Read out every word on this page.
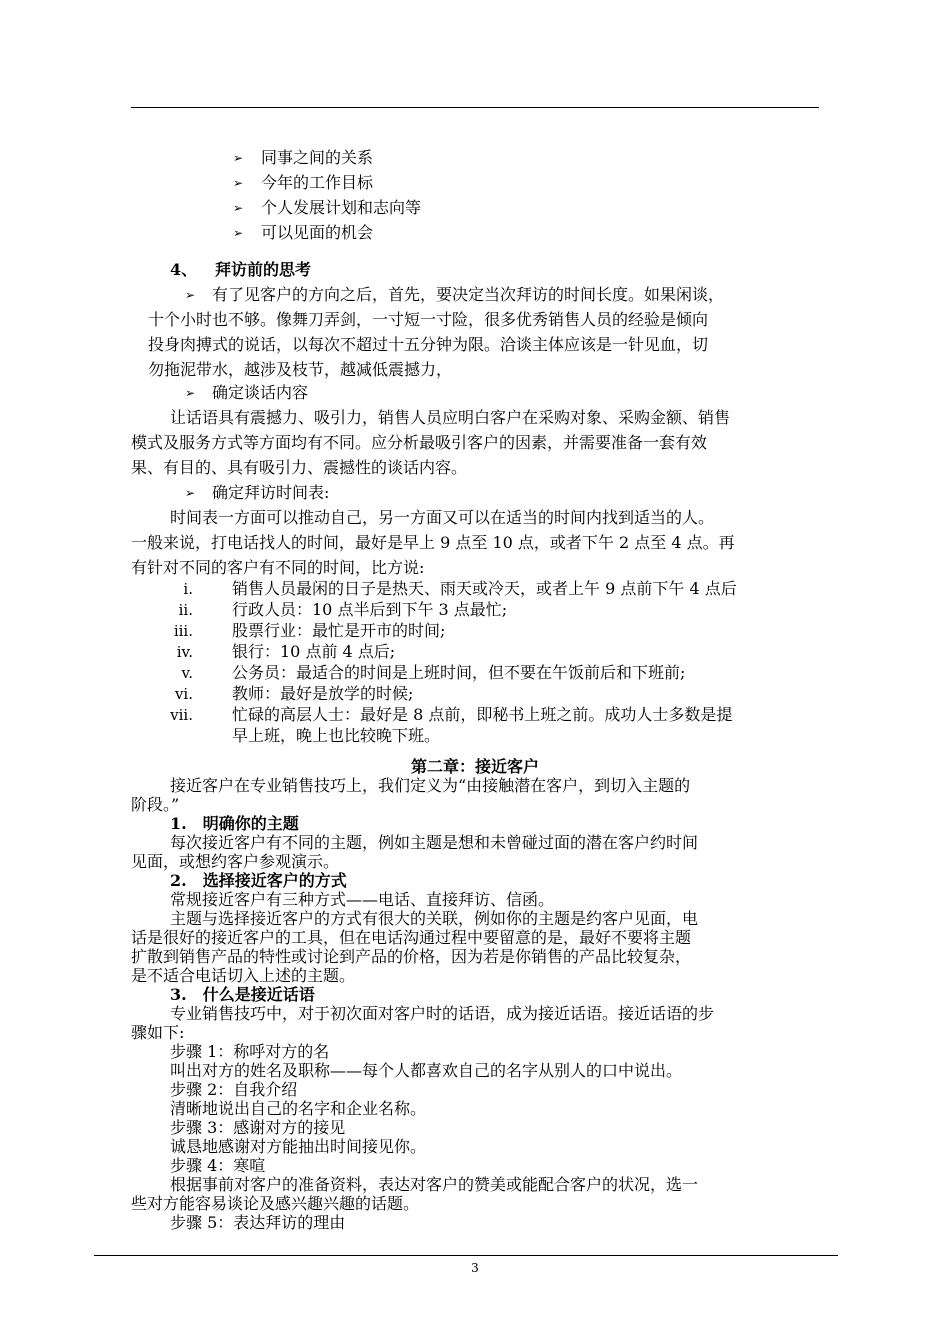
➢ 同事之间的关系
➢ 今年的工作目标
➢ 个人发展计划和志向等
➢ 可以见面的机会
4、 拜访前的思考
➢ 有了见客户的方向之后，首先，要决定当次拜访的时间长度。如果闲谈，
十个小时也不够。像舞刀弄剑，一寸短一寸险，很多优秀销售人员的经验是倾向
投身肉搏式的说话，以每次不超过十五分钟为限。洽谈主体应该是一针见血，切
勿拖泥带水，越涉及枝节，越减低震撼力，
➢ 确定谈话内容
让话语具有震撼力、吸引力，销售人员应明白客户在采购对象、采购金额、销售
模式及服务方式等方面均有不同。应分析最吸引客户的因素，并需要准备一套有效
果、有目的、具有吸引力、震撼性的谈话内容。
➢ 确定拜访时间表:
时间表一方面可以推动自己，另一方面又可以在适当的时间内找到适当的人。
一般来说，打电话找人的时间，最好是早上 9 点至 10 点，或者下午 2 点至 4 点。再
有针对不同的客户有不同的时间，比方说:
i. 销售人员最闲的日子是热天、雨天或冷天，或者上午 9 点前下午 4 点后
ii. 行政人员：10 点半后到下午 3 点最忙;
iii. 股票行业：最忙是开市的时间;
iv. 银行：10 点前 4 点后;
v. 公务员：最适合的时间是上班时间，但不要在午饭前后和下班前;
vi. 教师：最好是放学的时候;
vii. 忙碌的高层人士：最好是 8 点前，即秘书上班之前。成功人士多数是提
早上班，晚上也比较晚下班。
第二章：接近客户
接近客户在专业销售技巧上，我们定义为“由接触潜在客户，到切入主题的
阶段。”
1.　明确你的主题
每次接近客户有不同的主题，例如主题是想和未曾碰过面的潜在客户约时间
见面，或想约客户参观演示。
2.　选择接近客户的方式
常规接近客户有三种方式——电话、直接拜访、信函。
主题与选择接近客户的方式有很大的关联，例如你的主题是约客户见面，电
话是很好的接近客户的工具，但在电话沟通过程中要留意的是，最好不要将主题
扩散到销售产品的特性或讨论到产品的价格，因为若是你销售的产品比较复杂，
是不适合电话切入上述的主题。
3.　什么是接近话语
专业销售技巧中，对于初次面对客户时的话语，成为接近话语。接近话语的步
骤如下:
步骤 1：称呼对方的名
叫出对方的姓名及职称——每个人都喜欢自己的名字从别人的口中说出。
步骤 2：自我介绍
清晰地说出自己的名字和企业名称。
步骤 3：感谢对方的接见
诚恳地感谢对方能抽出时间接见你。
步骤 4：寒喧
根据事前对客户的准备资料，表达对客户的赞美或能配合客户的状况，选一
些对方能容易谈论及感兴趣兴趣的话题。
步骤 5：表达拜访的理由
3
